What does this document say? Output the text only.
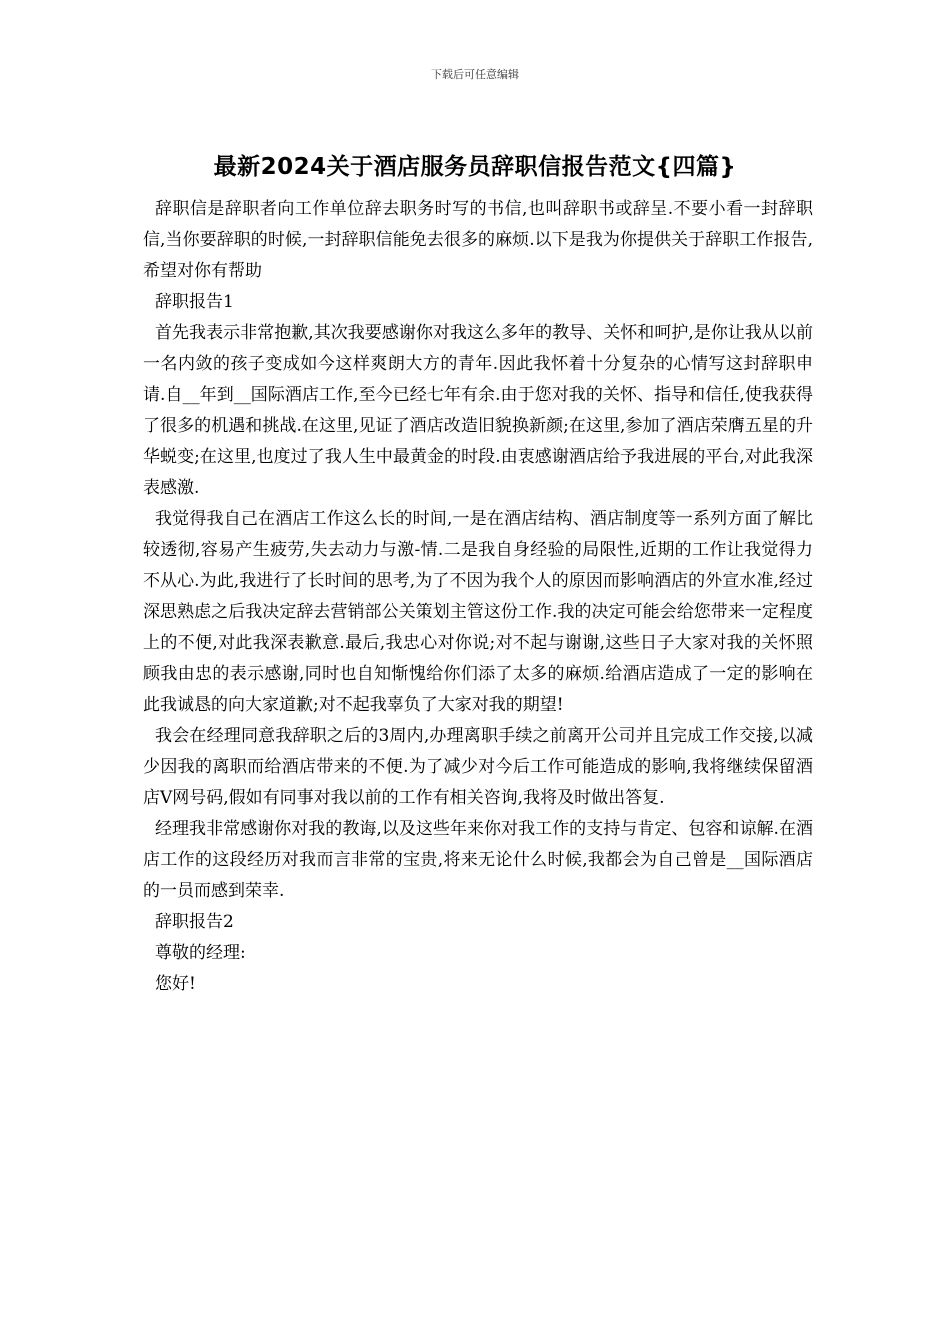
下载后可任意编辑
最新2024关于酒店服务员辞职信报告范文{四篇}

辞职信是辞职者向工作单位辞去职务时写的书信,也叫辞职书或辞呈.不要小看一封辞职信,当你要辞职的时候,一封辞职信能免去很多的麻烦.以下是我为你提供关于辞职工作报告,希望对你有帮助

辞职报告1

首先我表示非常抱歉,其次我要感谢你对我这么多年的教导、关怀和呵护,是你让我从以前一名内敛的孩子变成如今这样爽朗大方的青年.因此我怀着十分复杂的心情写这封辞职申请.自__年到__国际酒店工作,至今已经七年有余.由于您对我的关怀、指导和信任,使我获得了很多的机遇和挑战.在这里,见证了酒店改造旧貌换新颜;在这里,参加了酒店荣膺五星的升华蜕变;在这里,也度过了我人生中最黄金的时段.由衷感谢酒店给予我进展的平台,对此我深表感激.

我觉得我自己在酒店工作这么长的时间,一是在酒店结构、酒店制度等一系列方面了解比较透彻,容易产生疲劳,失去动力与激-情.二是我自身经验的局限性,近期的工作让我觉得力不从心.为此,我进行了长时间的思考,为了不因为我个人的原因而影响酒店的外宣水准,经过深思熟虑之后我决定辞去营销部公关策划主管这份工作.我的决定可能会给您带来一定程度上的不便,对此我深表歉意.最后,我忠心对你说;对不起与谢谢,这些日子大家对我的关怀照顾我由忠的表示感谢,同时也自知惭愧给你们添了太多的麻烦.给酒店造成了一定的影响在此我诚恳的向大家道歉;对不起我辜负了大家对我的期望!

我会在经理同意我辞职之后的3周内,办理离职手续之前离开公司并且完成工作交接,以减少因我的离职而给酒店带来的不便.为了减少对今后工作可能造成的影响,我将继续保留酒店V网号码,假如有同事对我以前的工作有相关咨询,我将及时做出答复.

经理我非常感谢你对我的教诲,以及这些年来你对我工作的支持与肯定、包容和谅解.在酒店工作的这段经历对我而言非常的宝贵,将来无论什么时候,我都会为自己曾是__国际酒店的一员而感到荣幸.

辞职报告2

尊敬的经理:

您好!
